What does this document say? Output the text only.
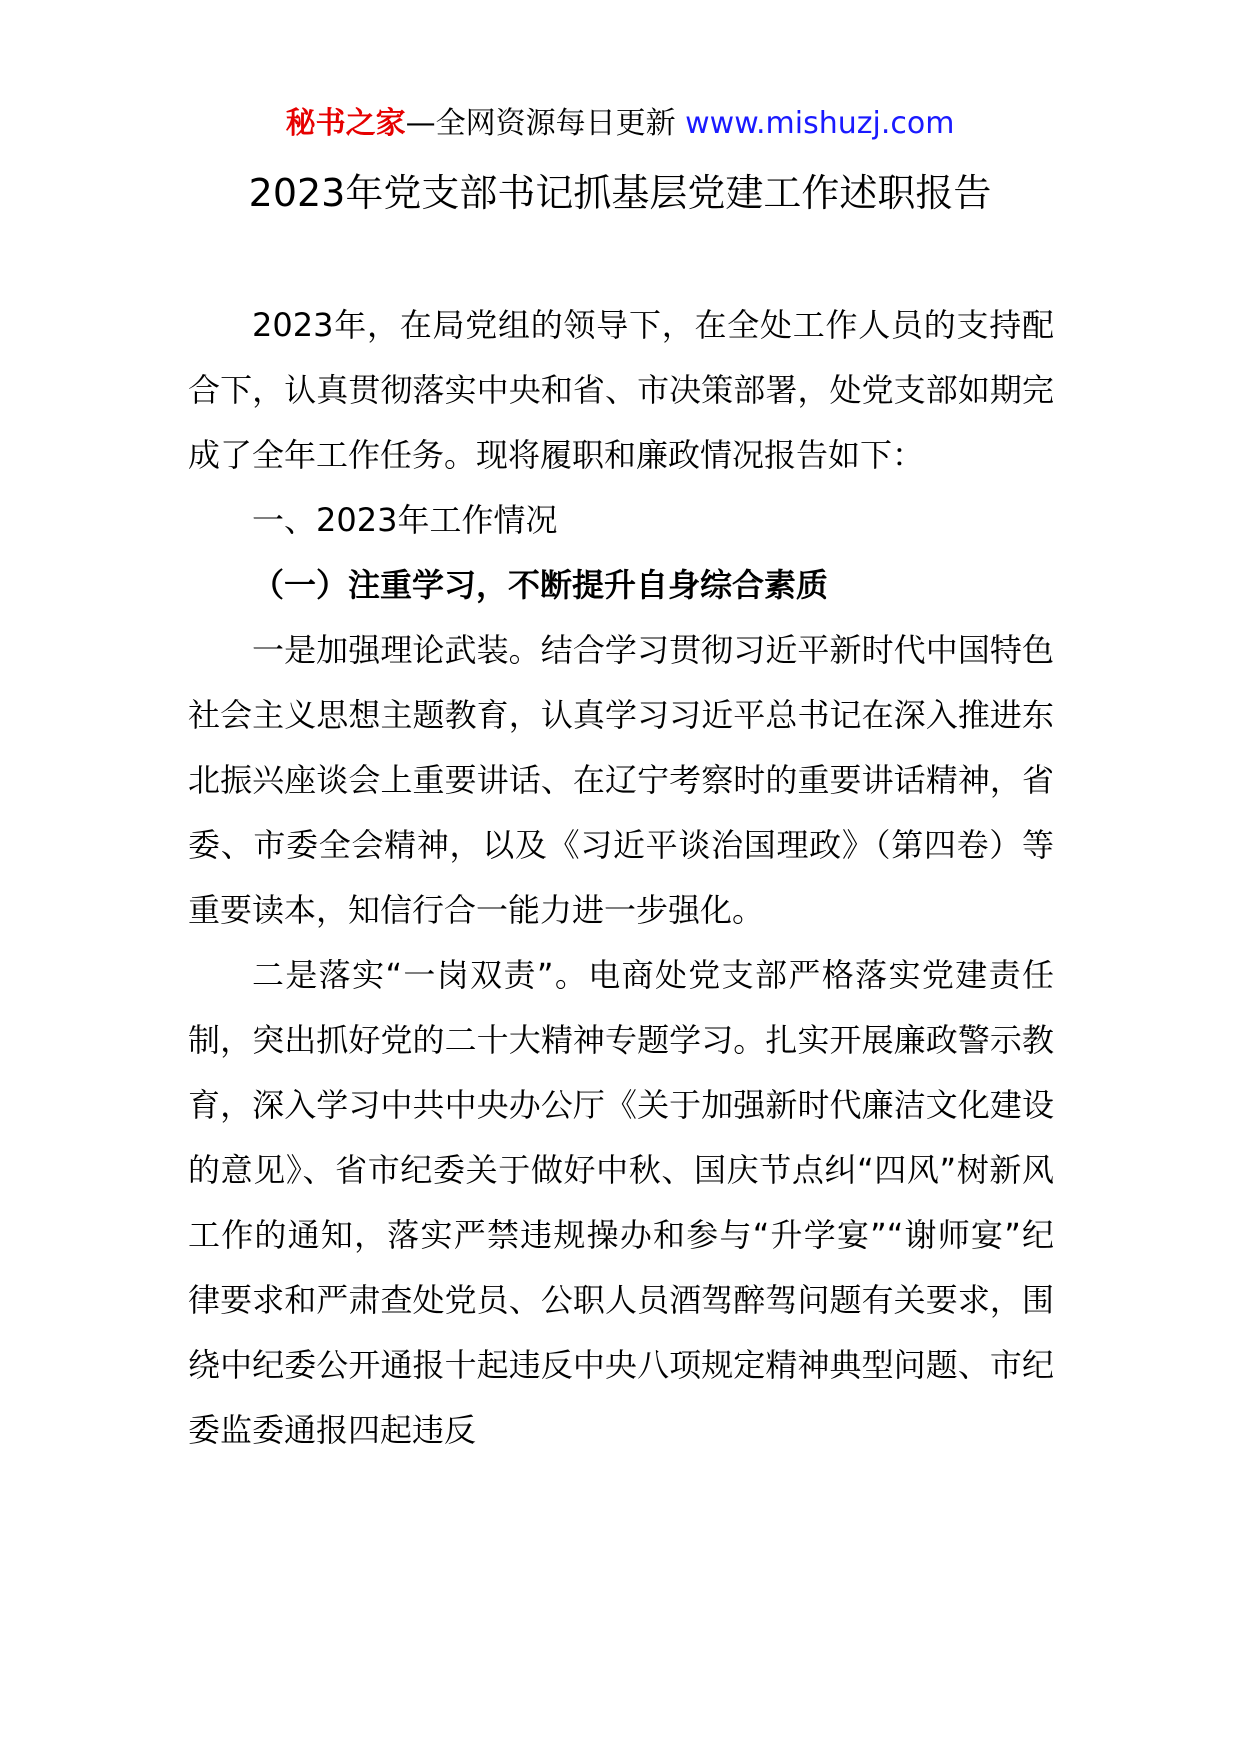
秘书之家—全网资源每日更新 www.mishuzj.com
2023年党支部书记抓基层党建工作述职报告

2023年，在局党组的领导下，在全处工作人员的支持配合下，认真贯彻落实中央和省、市决策部署，处党支部如期完成了全年工作任务。现将履职和廉政情况报告如下：

一、2023年工作情况

（一）注重学习，不断提升自身综合素质

一是加强理论武装。结合学习贯彻习近平新时代中国特色社会主义思想主题教育，认真学习习近平总书记在深入推进东北振兴座谈会上重要讲话、在辽宁考察时的重要讲话精神，省委、市委全会精神，以及《习近平谈治国理政》（第四卷）等重要读本，知信行合一能力进一步强化。

二是落实“一岗双责”。电商处党支部严格落实党建责任制，突出抓好党的二十大精神专题学习。扎实开展廉政警示教育，深入学习中共中央办公厅《关于加强新时代廉洁文化建设的意见》、省市纪委关于做好中秋、国庆节点纠“四风”树新风工作的通知，落实严禁违规操办和参与“升学宴”“谢师宴”纪律要求和严肃查处党员、公职人员酒驾醉驾问题有关要求，围绕中纪委公开通报十起违反中央八项规定精神典型问题、市纪委监委通报四起违反
